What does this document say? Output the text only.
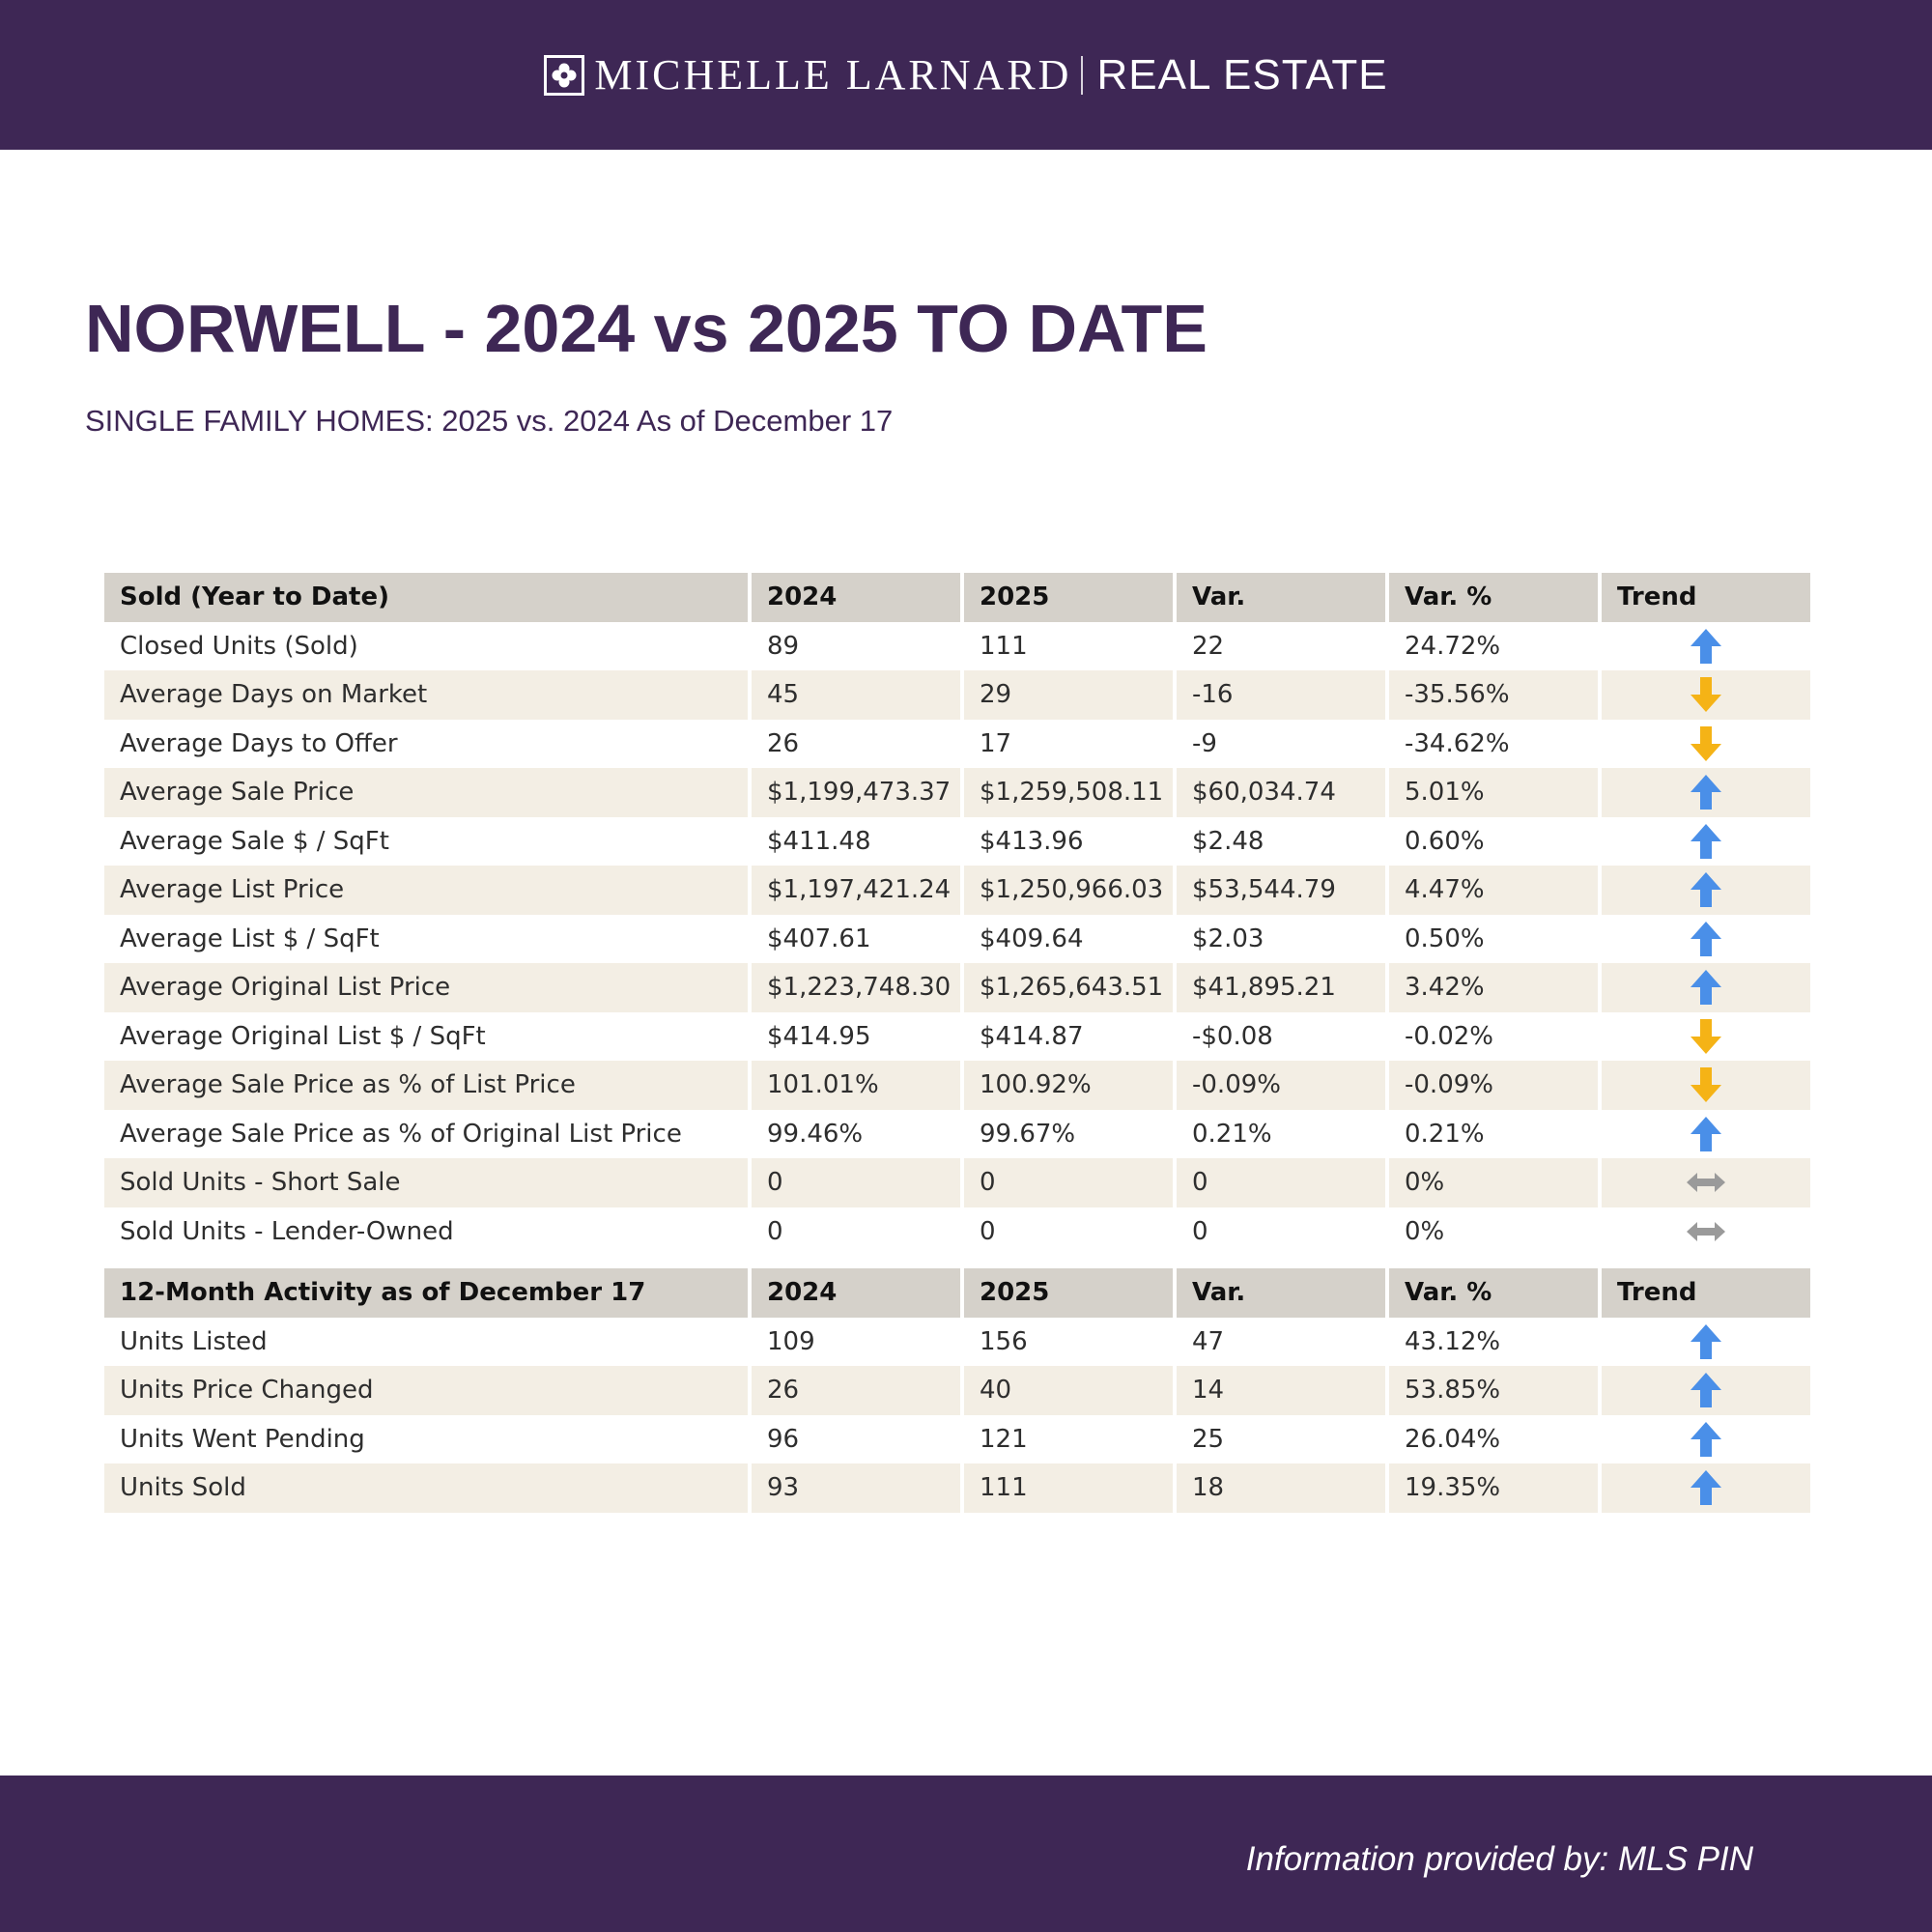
MICHELLE LARNARD REAL ESTATE
NORWELL - 2024 vs 2025 TO DATE
SINGLE FAMILY HOMES: 2025 vs. 2024 As of December 17
Sold (Year to Date)	2024	2025	Var.	Var. %	Trend
Closed Units (Sold)	89	111	22	24.72%
Average Days on Market	45	29	-16	-35.56%
Average Days to Offer	26	17	-9	-34.62%
Average Sale Price	$1,199,473.37	$1,259,508.11	$60,034.74	5.01%
Average Sale $ / SqFt	$411.48	$413.96	$2.48	0.60%
Average List Price	$1,197,421.24	$1,250,966.03	$53,544.79	4.47%
Average List $ / SqFt	$407.61	$409.64	$2.03	0.50%
Average Original List Price	$1,223,748.30	$1,265,643.51	$41,895.21	3.42%
Average Original List $ / SqFt	$414.95	$414.87	-$0.08	-0.02%
Average Sale Price as % of List Price	101.01%	100.92%	-0.09%	-0.09%
Average Sale Price as % of Original List Price	99.46%	99.67%	0.21%	0.21%
Sold Units - Short Sale	0	0	0	0%
Sold Units - Lender-Owned	0	0	0	0%
12-Month Activity as of December 17	2024	2025	Var.	Var. %	Trend
Units Listed	109	156	47	43.12%
Units Price Changed	26	40	14	53.85%
Units Went Pending	96	121	25	26.04%
Units Sold	93	111	18	19.35%
Information provided by: MLS PIN
